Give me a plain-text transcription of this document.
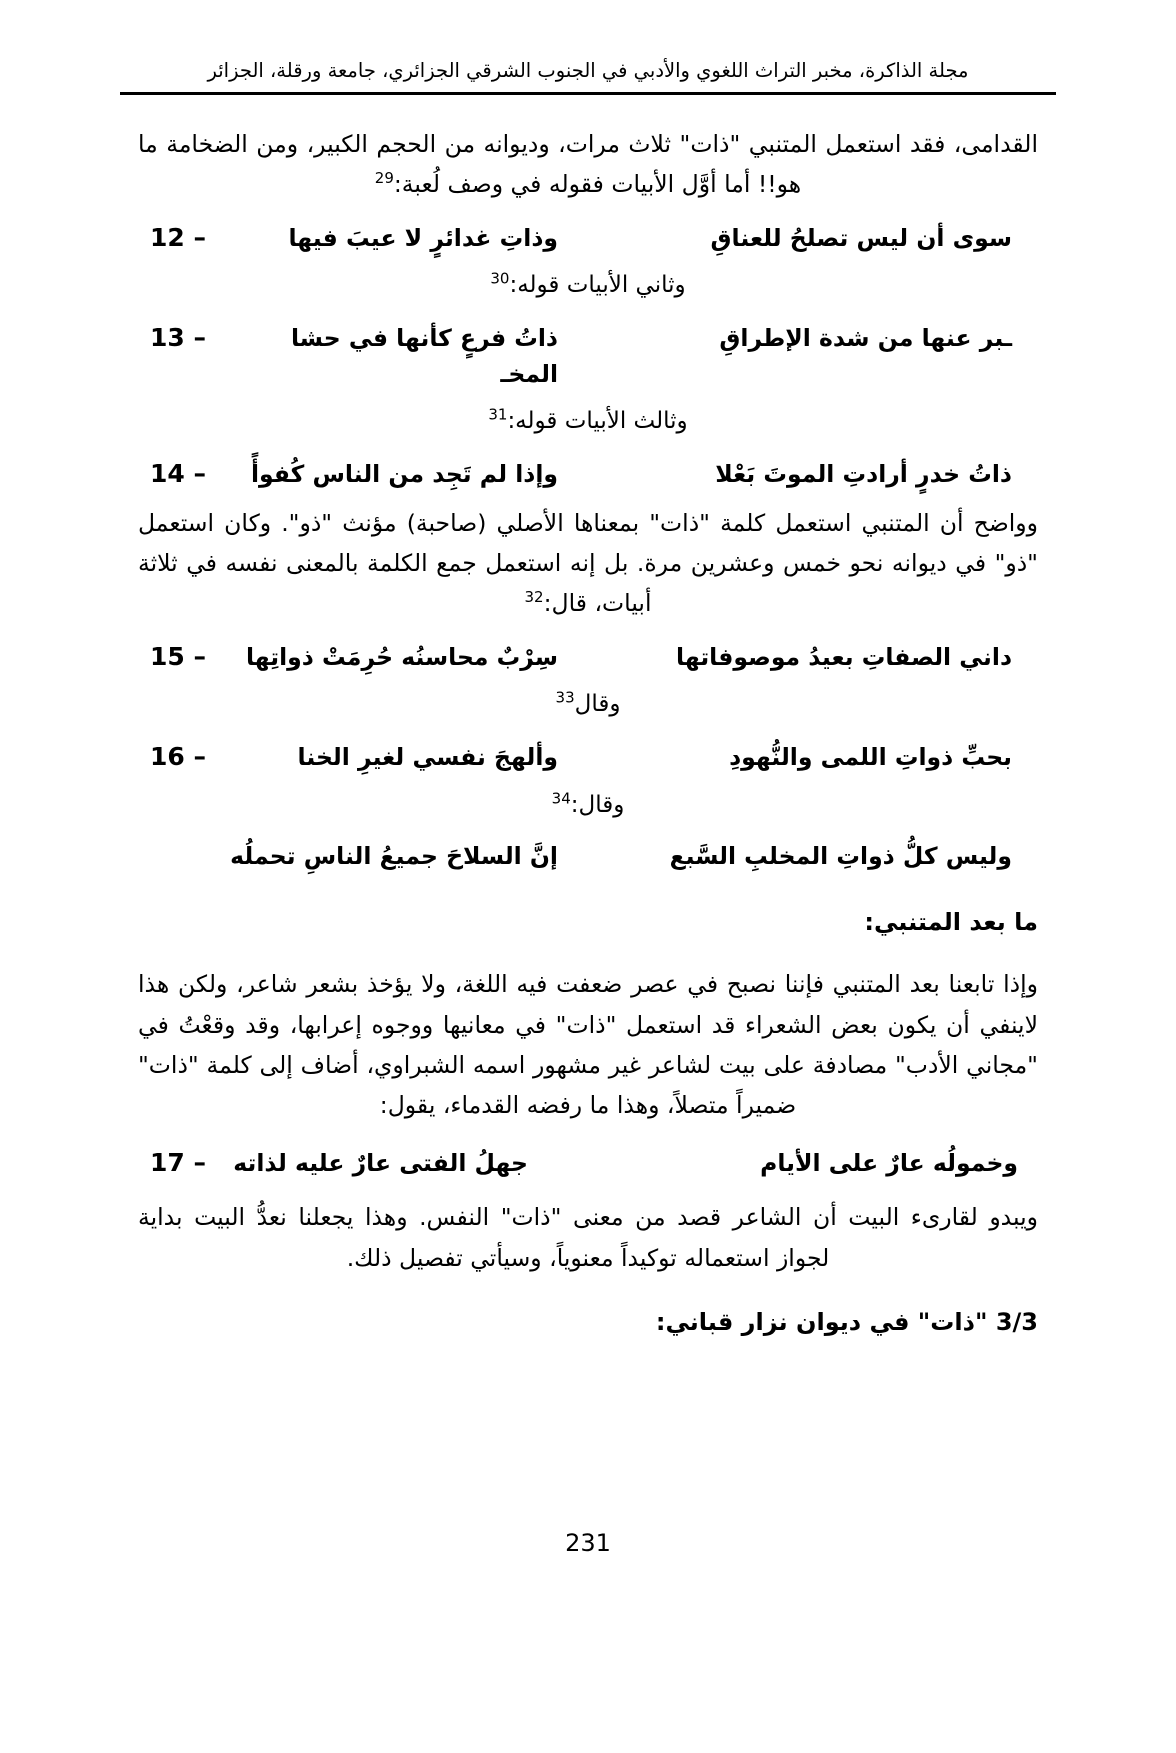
مجلة الذاكرة، مخبر التراث اللغوي والأدبي في الجنوب الشرقي الجزائري، جامعة ورقلة، الجزائر

القدامى، فقد استعمل المتنبي "ذات" ثلاث مرات، وديوانه من الحجم الكبير، ومن الضخامة ما هو!! أما أوَّل الأبيات فقوله في وصف لُعبة:$^{29}$

سوى أن ليس تصلحُ للعناقِ
وذاتِ غدائرٍ لا عيبَ فيها
12 –
وثاني الأبيات قوله:$^{30}$
ـبر عنها من شدة الإطراقِ
ذاتُ فرعٍ كأنها في حشا المخـ
13 –
وثالث الأبيات قوله:$^{31}$
ذاتُ خدرٍ أرادتِ الموتَ بَعْلا
وإذا لم تَجِد من الناس كُفوأً
14 –

وواضح أن المتنبي استعمل كلمة "ذات" بمعناها الأصلي (صاحبة) مؤنث "ذو". وكان استعمل "ذو" في ديوانه نحو خمس وعشرين مرة. بل إنه استعمل جمع الكلمة بالمعنى نفسه في ثلاثة أبيات، قال:$^{32}$

داني الصفاتِ بعيدُ موصوفاتها
سِرْبٌ محاسنُه حُرِمَتْ ذواتِها
15 –
وقال$^{33}$
بحبِّ ذواتِ اللمى والنُّهودِ
وألهجَ نفسي لغيرِ الخنا
16 –
وقال:$^{34}$
وليس كلُّ ذواتِ المخلبِ السَّبع
إنَّ السلاحَ جميعُ الناسِ تحملُه
ما بعد المتنبي:

وإذا تابعنا بعد المتنبي فإننا نصبح في عصر ضعفت فيه اللغة، ولا يؤخذ بشعر شاعر، ولكن هذا لاينفي أن يكون بعض الشعراء قد استعمل "ذات" في معانيها ووجوه إعرابها، وقد وقعْتُ في "مجاني الأدب" مصادفة على بيت لشاعر غير مشهور اسمه الشبراوي، أضاف إلى كلمة "ذات" ضميراً متصلاً، وهذا ما رفضه القدماء، يقول:

وخمولُه عارٌ على الأيام
جهلُ الفتى عارٌ عليه لذاته
17 –

ويبدو لقارىء البيت أن الشاعر قصد من معنى "ذات" النفس. وهذا يجعلنا نعدُّ البيت بداية لجواز استعماله توكيداً معنوياً، وسيأتي تفصيل ذلك.

3/3 "ذات" في ديوان نزار قباني:
231
